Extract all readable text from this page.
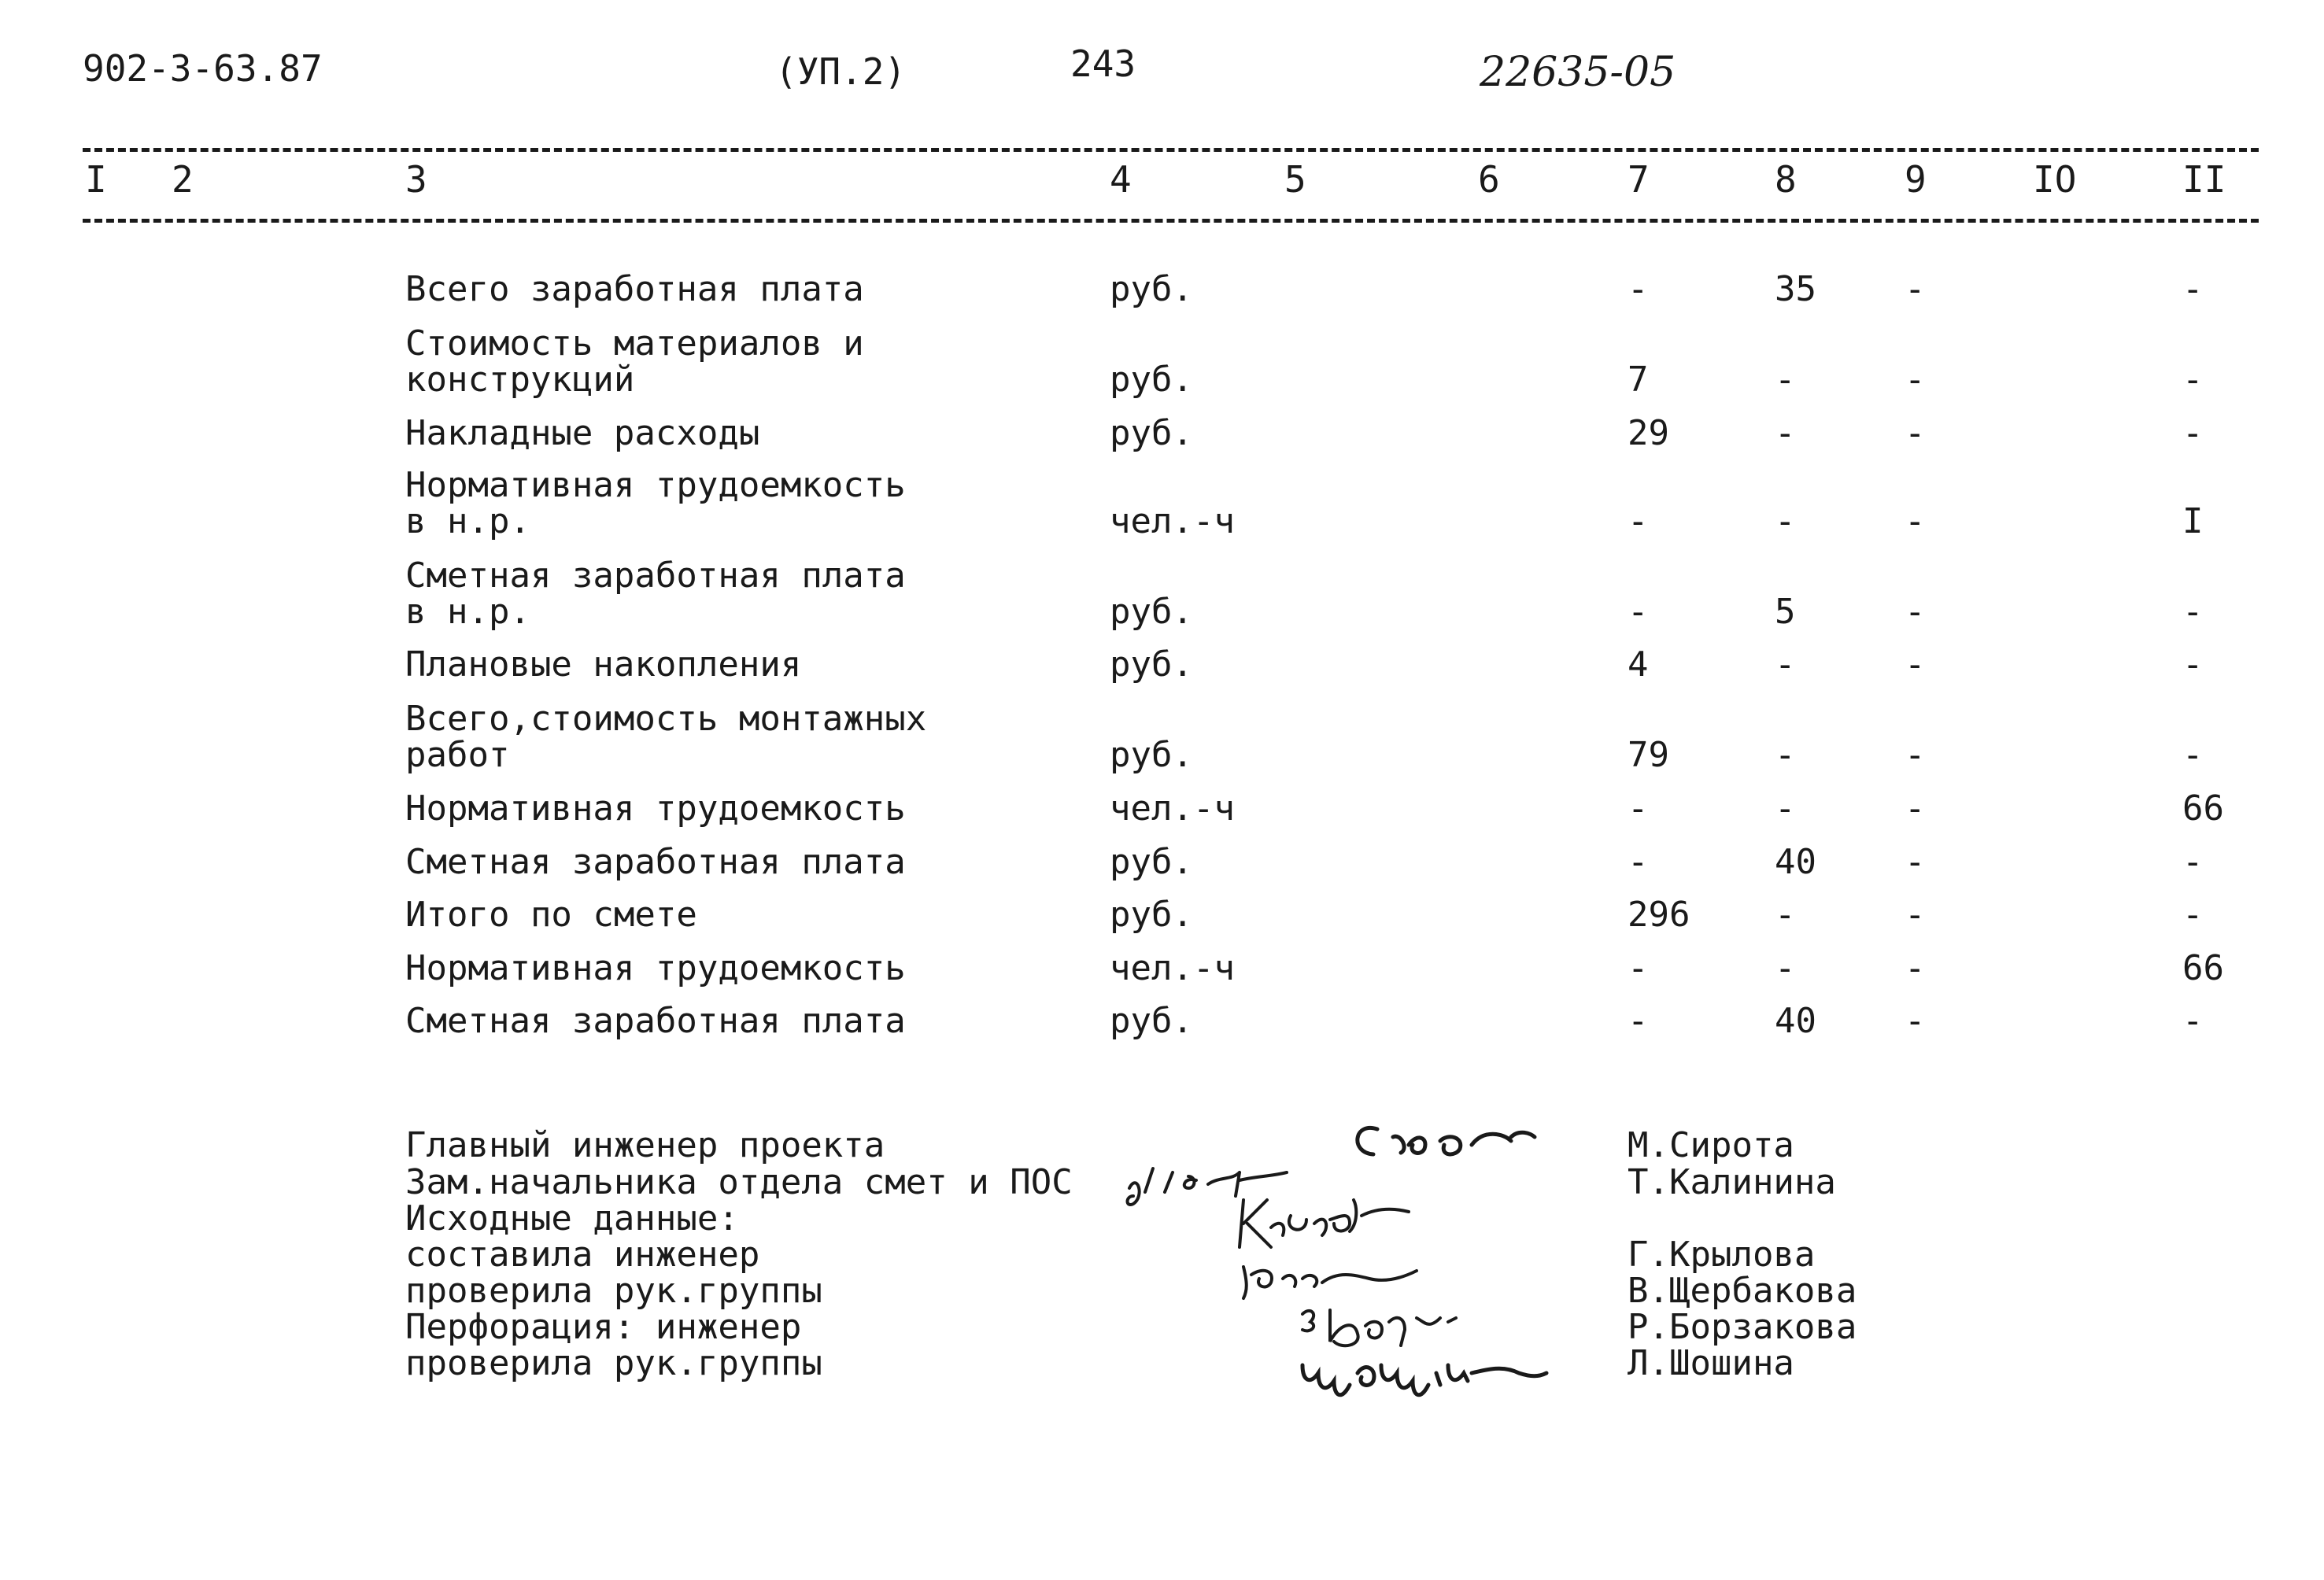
902-3-63.87	(УП.2)	243	22635-05
I 2	3	4	5	6	7	8	9	IO	II
Всего заработная плата	руб.	-	35	-	-
Стоимость материалов и
конструкций	руб.	7	-	-	-
Накладные расходы	руб.	29	-	-	-
Нормативная трудоемкость
в н.р.	чел.-ч	-	-	-	I
Сметная заработная плата
в н.р.	руб.	-	5	-	-
Плановые накопления	руб.	4	-	-	-
Всего,стоимость монтажных
работ	руб.	79	-	-	-
Нормативная трудоемкость	чел.-ч	-	-	-	66
Сметная заработная плата	руб.	-	40	-	-
Итого по смете	руб.	296 -	-	-
Нормативная трудоемкость	чел.-ч	-	-	-	66
Сметная заработная плата	руб.	-	40	-	-
Главный инженер проекта	М.Сирота
Зам.начальника отдела смет и ПОС	Т.Калинина
Исходные данные:
составила инженер	Г.Крылова
проверила рук.группы	В.Щербакова
Перфорация: инженер	Р.Борзакова
проверила рук.группы	Л.Шошина
